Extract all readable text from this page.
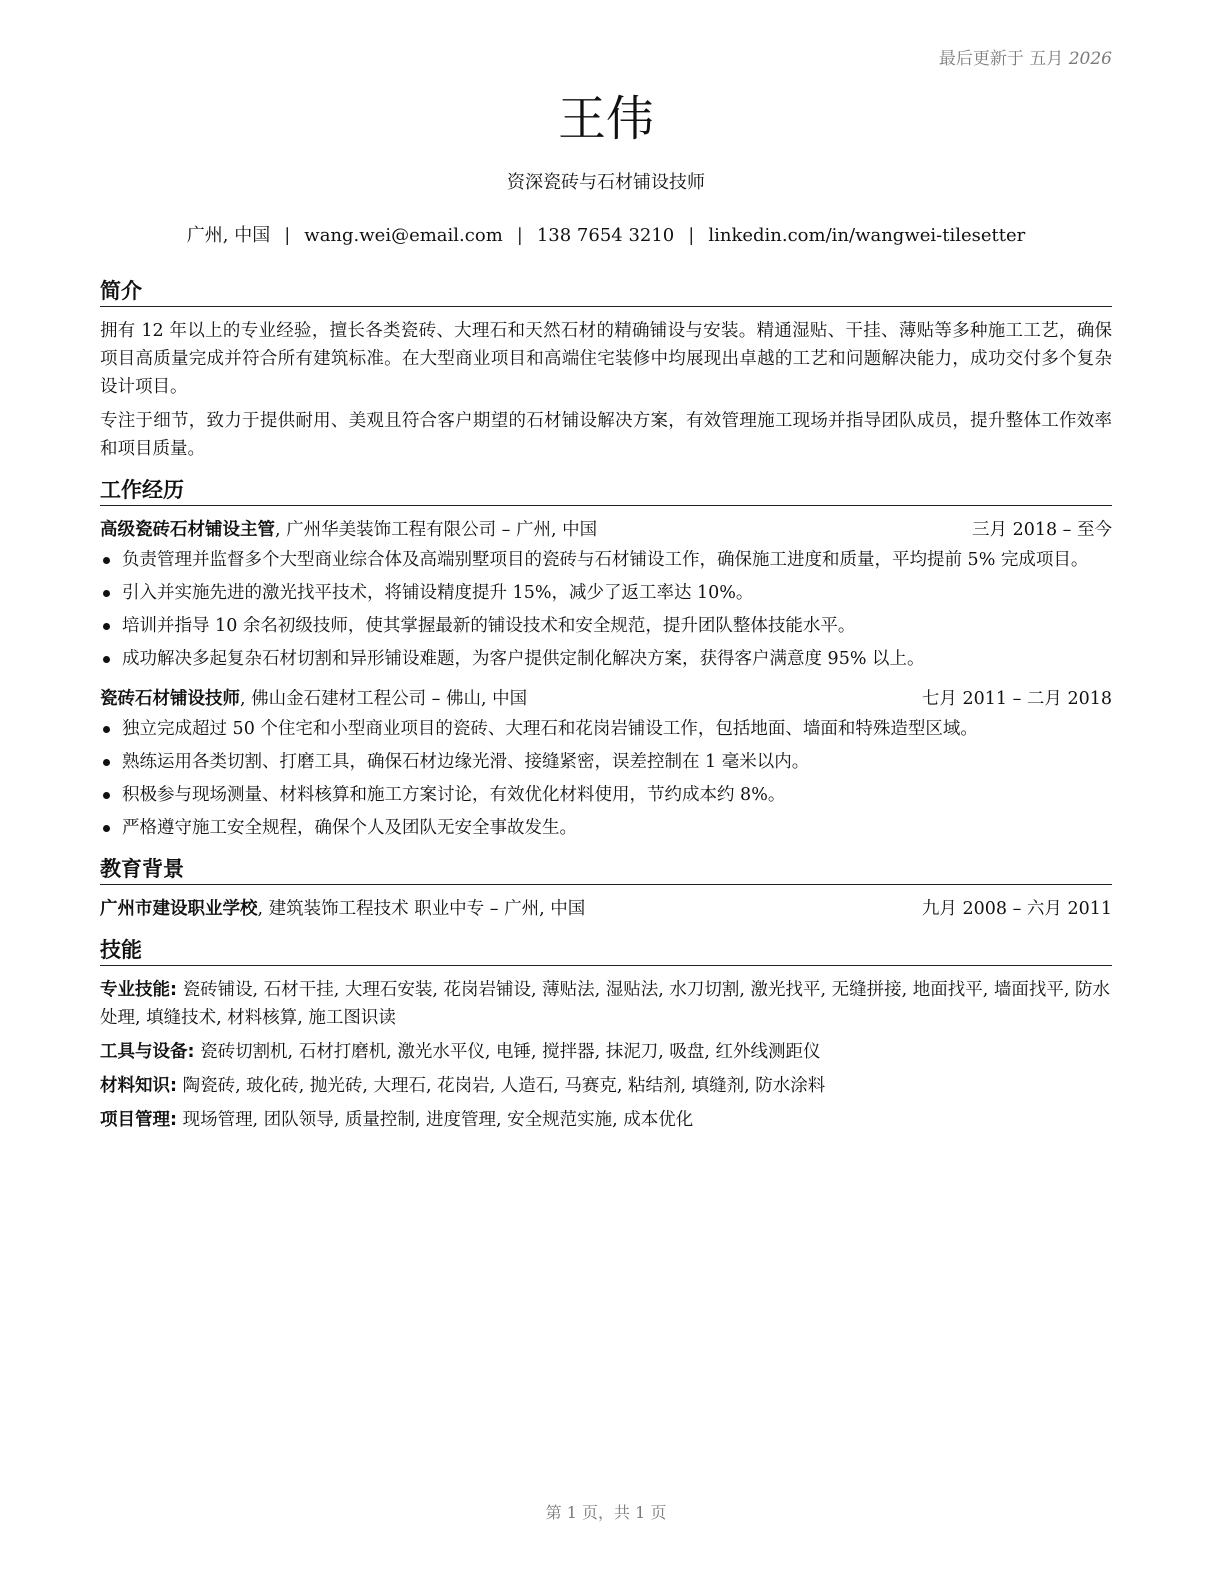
最后更新于 五月 2026
王伟
资深瓷砖与石材铺设技师
广州, 中国 | wang.wei@email.com | 138 7654 3210 | linkedin.com/in/wangwei-tilesetter
简介

拥有 12 年以上的专业经验，擅长各类瓷砖、大理石和天然石材的精确铺设与安装。精通湿贴、干挂、薄贴等多种施工工艺，确保项目高质量完成并符合所有建筑标准。在大型商业项目和高端住宅装修中均展现出卓越的工艺和问题解决能力，成功交付多个复杂设计项目。

专注于细节，致力于提供耐用、美观且符合客户期望的石材铺设解决方案，有效管理施工现场并指导团队成员，提升整体工作效率和项目质量。

工作经历
高级瓷砖石材铺设主管, 广州华美装饰工程有限公司 – 广州, 中国	三月 2018 – 至今
负责管理并监督多个大型商业综合体及高端别墅项目的瓷砖与石材铺设工作，确保施工进度和质量，平均提前 5% 完成项目。
引入并实施先进的激光找平技术，将铺设精度提升 15%，减少了返工率达 10%。
培训并指导 10 余名初级技师，使其掌握最新的铺设技术和安全规范，提升团队整体技能水平。
成功解决多起复杂石材切割和异形铺设难题，为客户提供定制化解决方案，获得客户满意度 95% 以上。
瓷砖石材铺设技师, 佛山金石建材工程公司 – 佛山, 中国	七月 2011 – 二月 2018
独立完成超过 50 个住宅和小型商业项目的瓷砖、大理石和花岗岩铺设工作，包括地面、墙面和特殊造型区域。
熟练运用各类切割、打磨工具，确保石材边缘光滑、接缝紧密，误差控制在 1 毫米以内。
积极参与现场测量、材料核算和施工方案讨论，有效优化材料使用，节约成本约 8%。
严格遵守施工安全规程，确保个人及团队无安全事故发生。
教育背景
广州市建设职业学校, 建筑装饰工程技术 职业中专 – 广州, 中国	九月 2008 – 六月 2011
技能
专业技能: 瓷砖铺设, 石材干挂, 大理石安装, 花岗岩铺设, 薄贴法, 湿贴法, 水刀切割, 激光找平, 无缝拼接, 地面找平, 墙面找平, 防水处理, 填缝技术, 材料核算, 施工图识读
工具与设备: 瓷砖切割机, 石材打磨机, 激光水平仪, 电锤, 搅拌器, 抹泥刀, 吸盘, 红外线测距仪
材料知识: 陶瓷砖, 玻化砖, 抛光砖, 大理石, 花岗岩, 人造石, 马赛克, 粘结剂, 填缝剂, 防水涂料
项目管理: 现场管理, 团队领导, 质量控制, 进度管理, 安全规范实施, 成本优化
第 1 页，共 1 页
